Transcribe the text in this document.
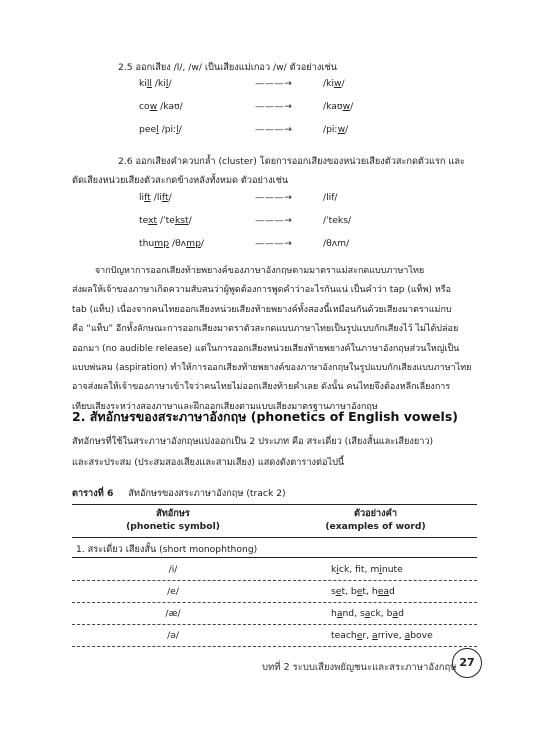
2.5 ออกเสียง /l/, /w/ เป็นเสียงแม่เกอว /w/ ตัวอย่างเช่น
kill /kil/	———→	/kiw/
cow /kaʊ/	———→	/kaʊw/
peel /piːl/	———→	/piːw/
2.6 ออกเสียงคำควบกล้ำ (cluster) โดยการออกเสียงของหน่วยเสียงตัวสะกดตัวแรก และ
ตัดเสียงหน่วยเสียงตัวสะกดข้างหลังทั้งหมด ตัวอย่างเช่น
lift /lift/	———→	/lif/
text /ˈtekst/	———→	/ˈteks/
thump /θʌmp/	———→	/θʌm/

จากปัญหาการออกเสียงท้ายพยางค์ของภาษาอังกฤษตามมาตราแม่สะกดแบบภาษาไทย

ส่งผลให้เจ้าของภาษาเกิดความสับสนว่าผู้พูดต้องการพูดคำว่าอะไรกันแน่ เป็นคำว่า tap (แท็พ) หรือ

tab (แท็บ) เนื่องจากคนไทยออกเสียงหน่วยเสียงท้ายพยางค์ทั้งสองนี้เหมือนกันด้วยเสียงมาตราแม่กบ

คือ “แท็บ” อีกทั้งลักษณะการออกเสียงมาตราตัวสะกดแบบภาษาไทยเป็นรูปแบบกักเสียงไว้ ไม่ได้ปล่อย

ออกมา (no audible release) แต่ในการออกเสียงหน่วยเสียงท้ายพยางค์ในภาษาอังกฤษส่วนใหญ่เป็น

แบบพ่นลม (aspiration) ทำให้การออกเสียงท้ายพยางค์ของภาษาอังกฤษในรูปแบบกักเสียงแบบภาษาไทย

อาจส่งผลให้เจ้าของภาษาเข้าใจว่าคนไทยไม่ออกเสียงท้ายคำเลย ดังนั้น คนไทยจึงต้องหลีกเลี่ยงการ

เทียบเสียงระหว่างสองภาษาและฝึกออกเสียงตามแบบเสียงมาตรฐานภาษาอังกฤษ

2. สัทอักษรของสระภาษาอังกฤษ (phonetics of English vowels)
สัทอักษรที่ใช้ในสระภาษาอังกฤษแบ่งออกเป็น 2 ประเภท คือ สระเดี่ยว (เสียงสั้นและเสียงยาว)
และสระประสม (ประสมสองเสียงและสามเสียง) แสดงดังตารางต่อไปนี้
ตารางที่ 6 สัทอักษรของสระภาษาอังกฤษ (track 2)
สัทอักษร
(phonetic symbol)
ตัวอย่างคำ
(examples of word)
1. สระเดี่ยว เสียงสั้น (short monophthong)
/i/	kick, ft, minute
/e/	set, bet, head
/æ/	hand, sack, bad
/ə/	teacher, arrive, above
บทที่ 2 ระบบเสียงพยัญชนะและสระภาษาอังกฤษ 27
